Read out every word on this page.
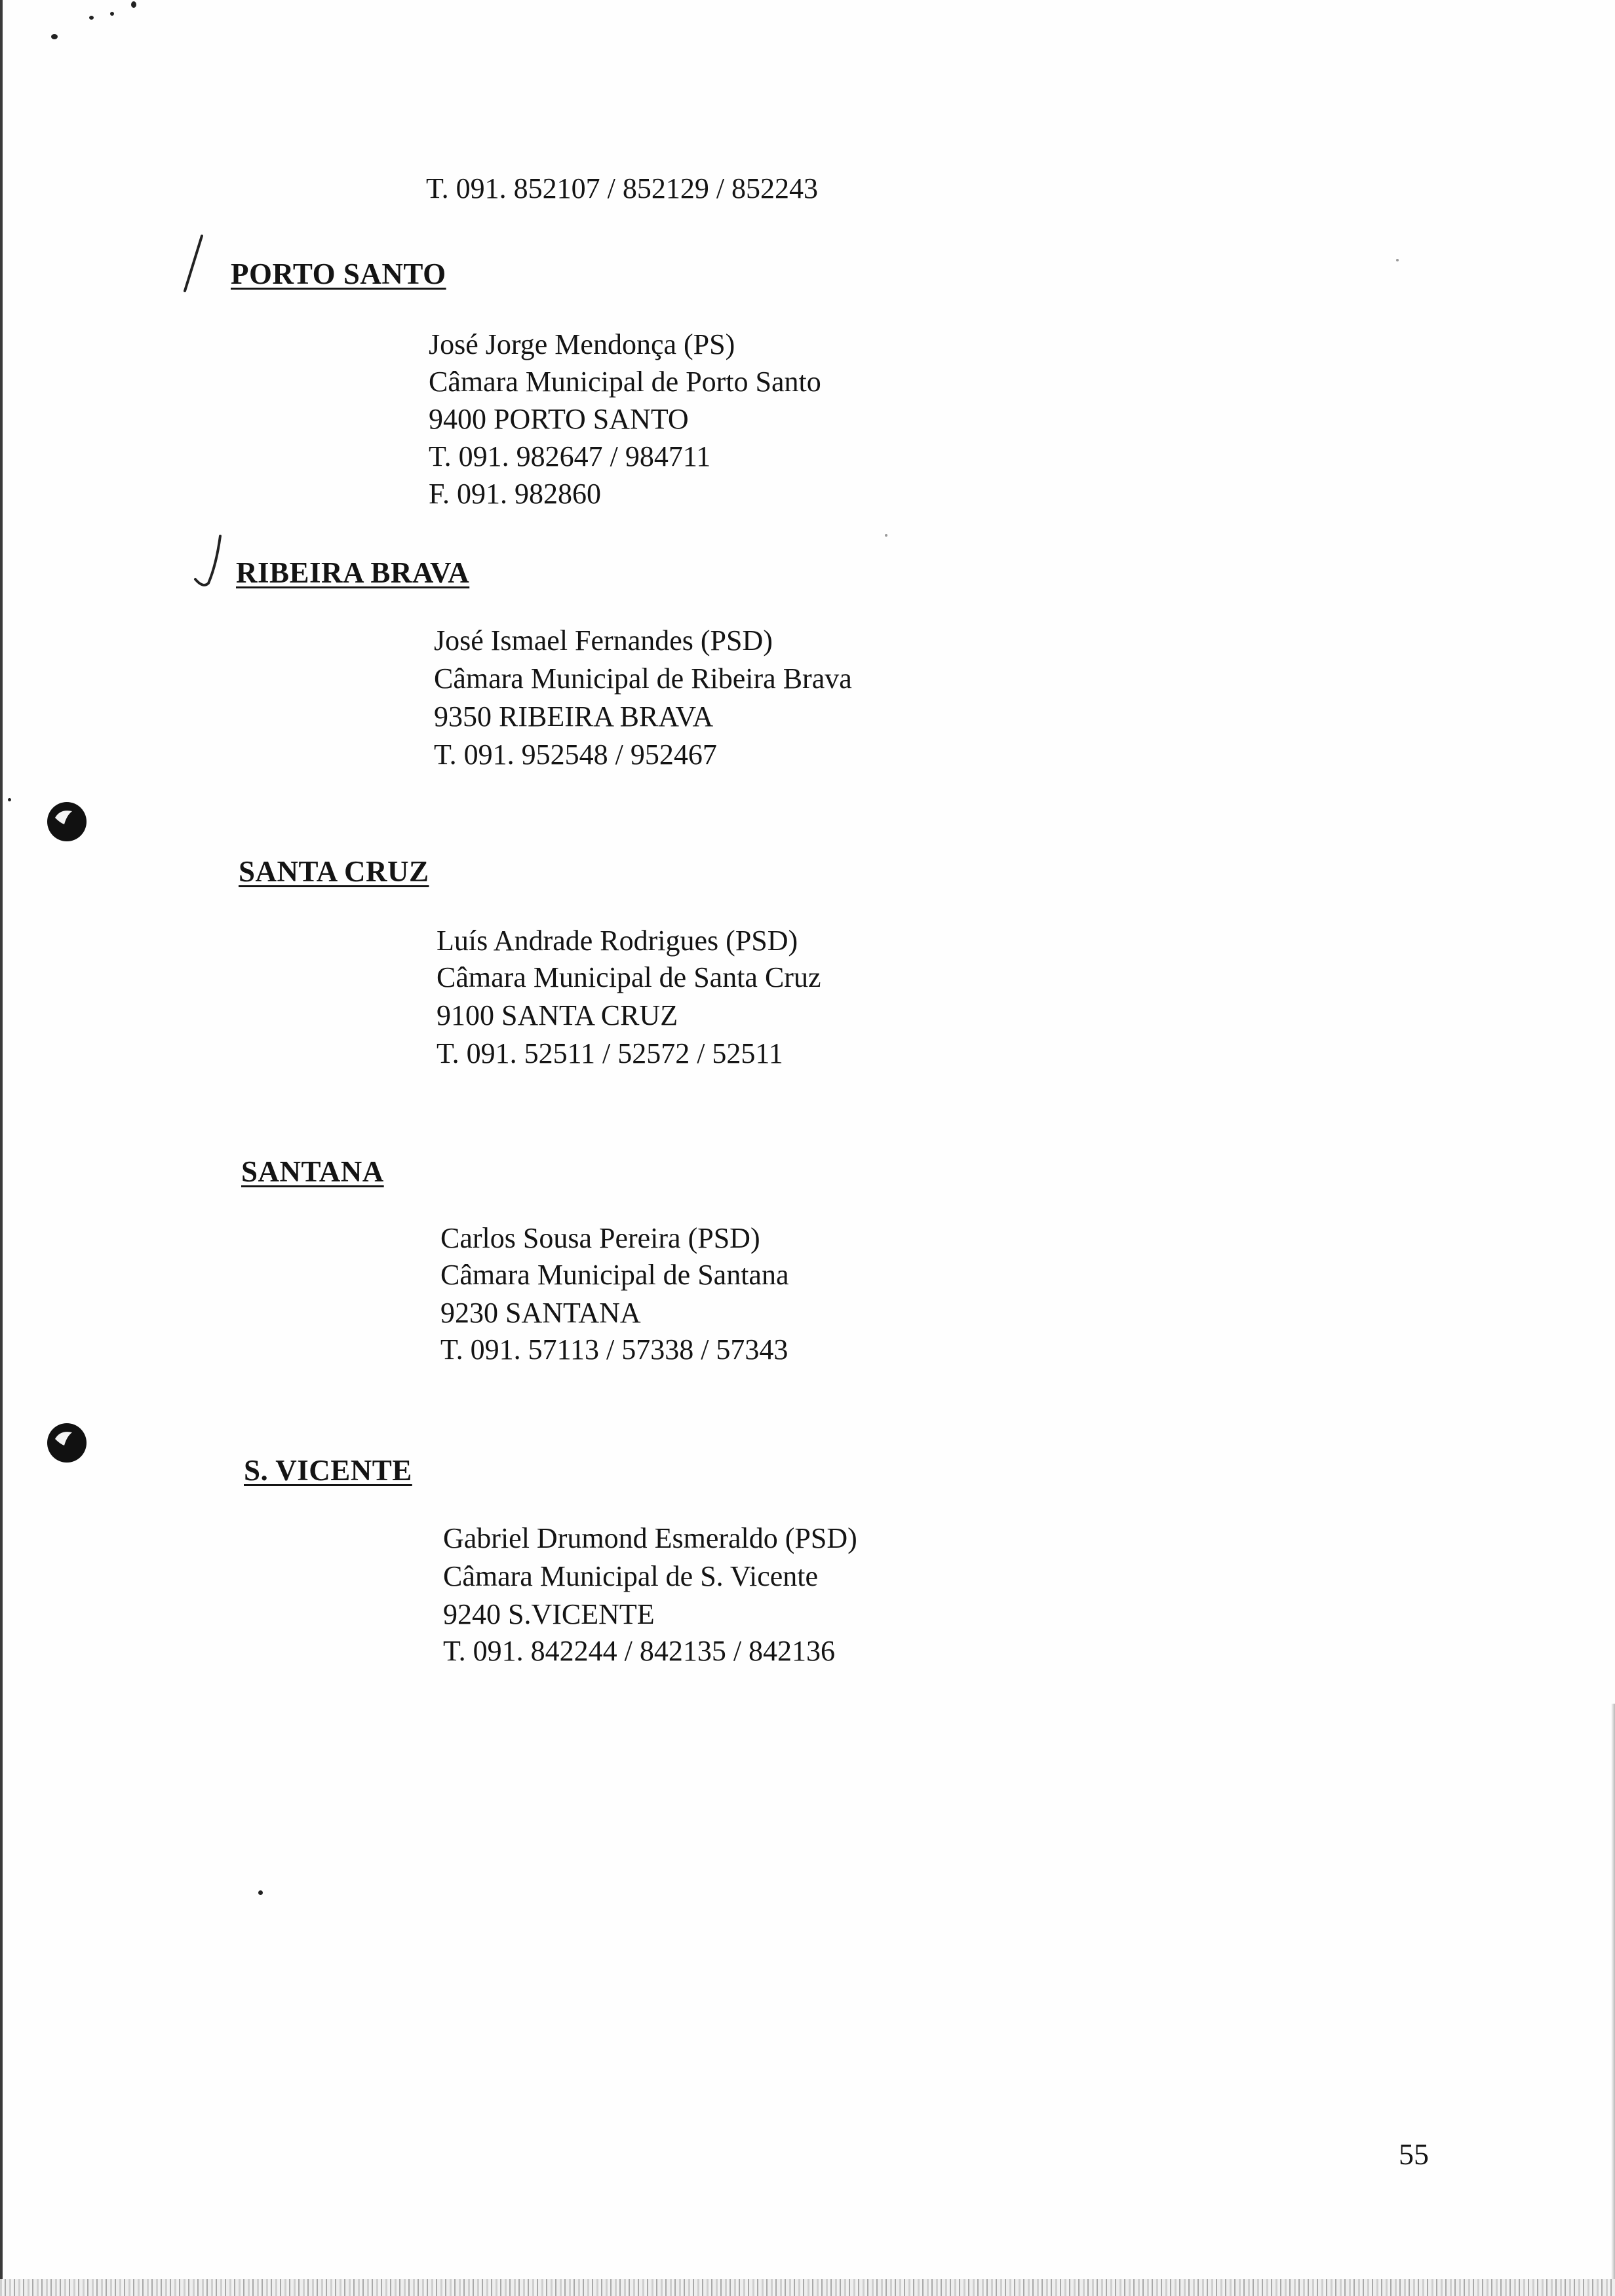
T. 091. 852107 / 852129 / 852243
PORTO SANTO
José Jorge Mendonça (PS)
Câmara Municipal de Porto Santo
9400 PORTO SANTO
T. 091. 982647 / 984711
F. 091. 982860
RIBEIRA BRAVA
José Ismael Fernandes (PSD)
Câmara Municipal de Ribeira Brava
9350 RIBEIRA BRAVA
T. 091. 952548 / 952467
SANTA CRUZ
Luís Andrade Rodrigues (PSD)
Câmara Municipal de Santa Cruz
9100 SANTA CRUZ
T. 091. 52511 / 52572 / 52511
SANTANA
Carlos Sousa Pereira (PSD)
Câmara Municipal de Santana
9230 SANTANA
T. 091. 57113 / 57338 / 57343
S. VICENTE
Gabriel Drumond Esmeraldo (PSD)
Câmara Municipal de S. Vicente
9240 S.VICENTE
T. 091. 842244 / 842135 / 842136
55
